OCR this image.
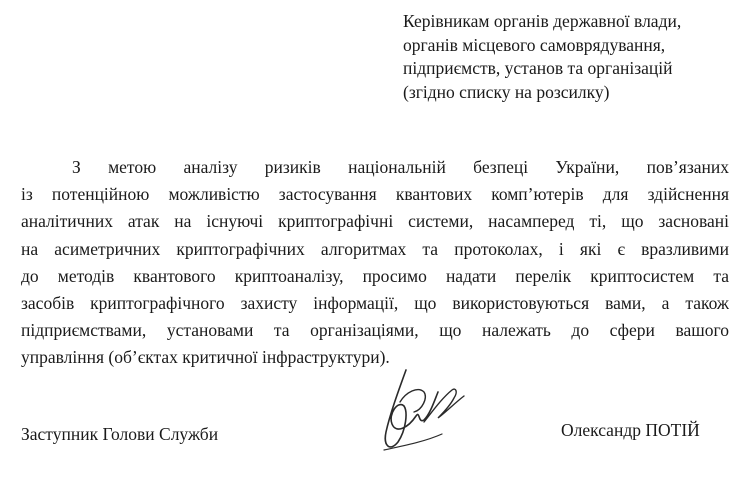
Керівникам органів державної влади,
органів місцевого самоврядування,
підприємств, установ та організацій
(згідно списку на розсилку)
З метою аналізу ризиків національній безпеці України, пов’язаних
із потенційною можливістю застосування квантових комп’ютерів для здійснення
аналітичних атак на існуючі криптографічні системи, насамперед ті, що засновані
на асиметричних криптографічних алгоритмах та протоколах, і які є вразливими
до методів квантового криптоаналізу, просимо надати перелік криптосистем та
засобів криптографічного захисту інформації, що використовуються вами, а також
підприємствами, установами та організаціями, що належать до сфери вашого
управління (об’єктах критичної інфраструктури).
Заступник Голови Служби	Олександр ПОТІЙ
